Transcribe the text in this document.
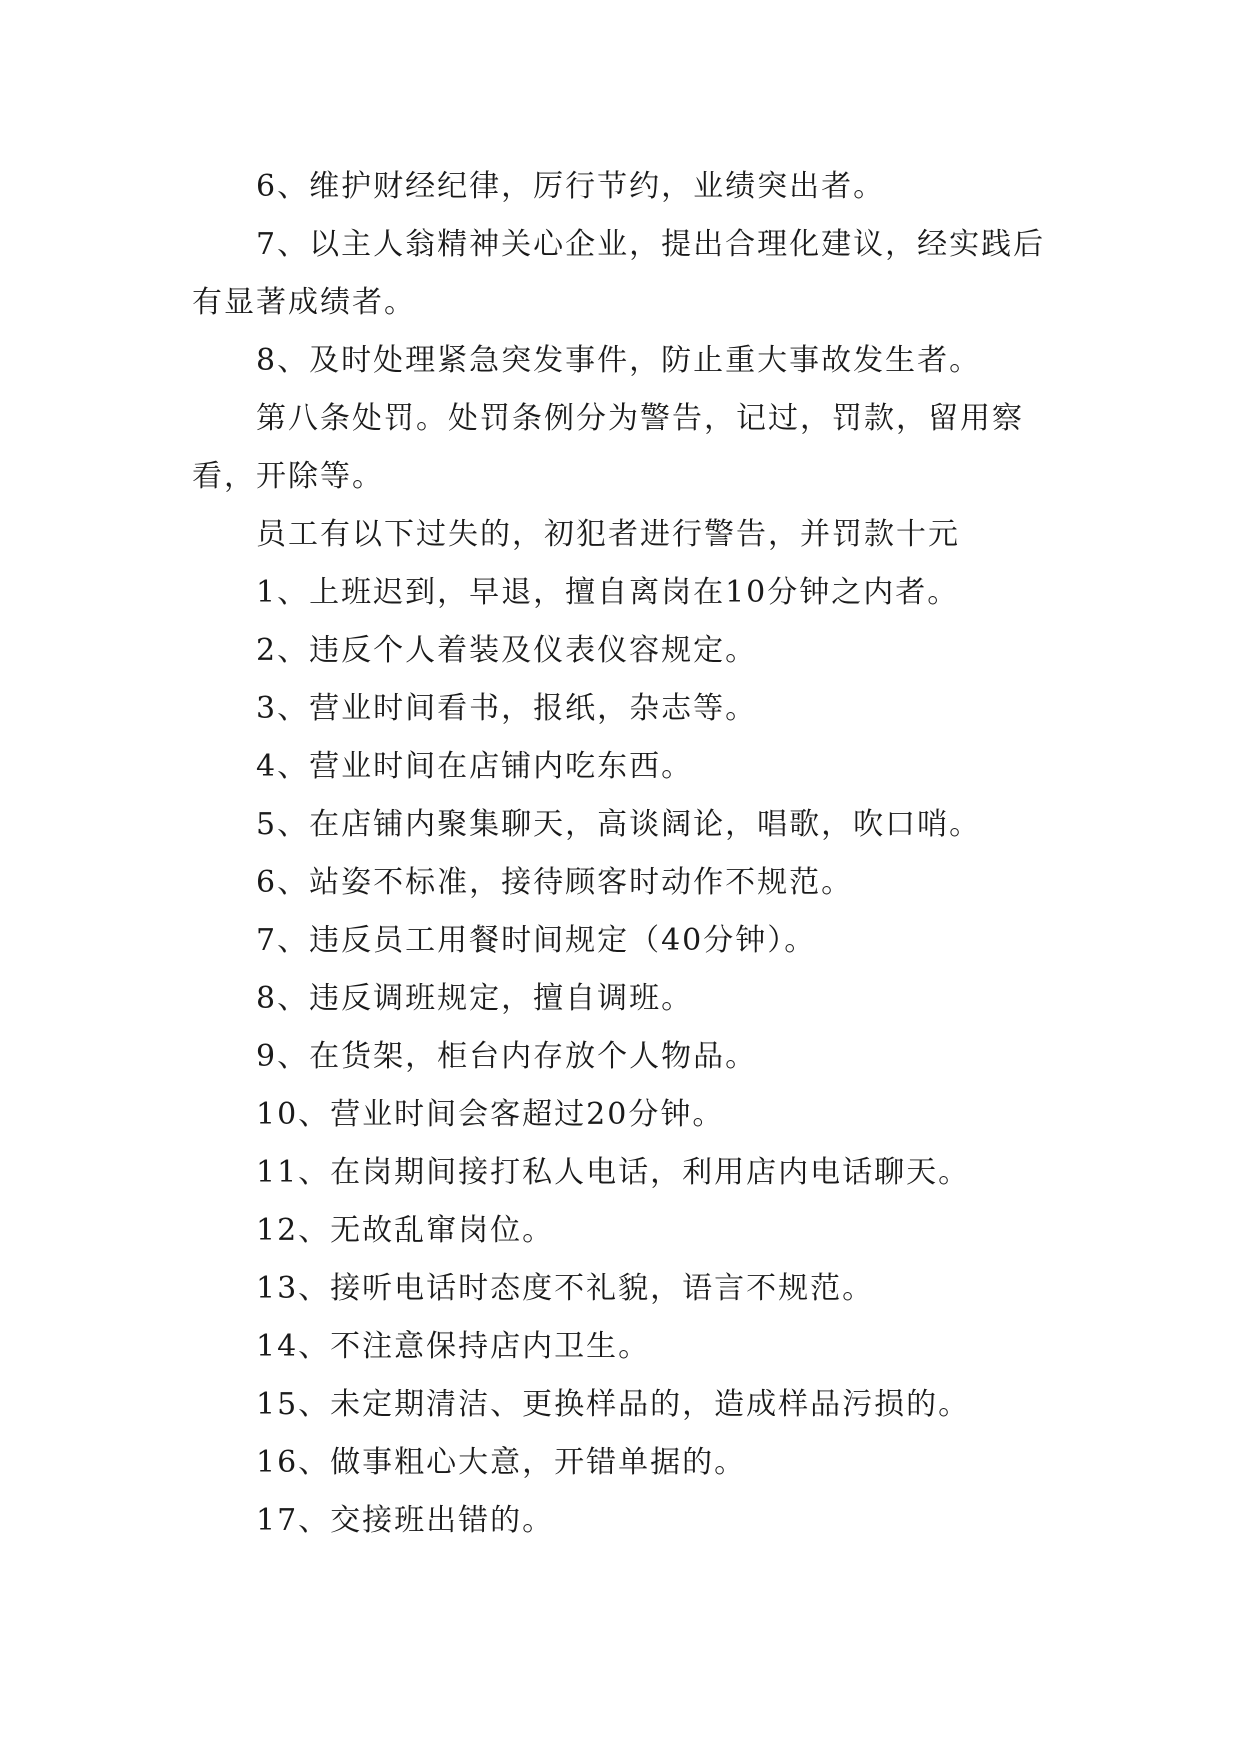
6、维护财经纪律，厉行节约，业绩突出者。

7、以主人翁精神关心企业，提出合理化建议，经实践后有显著成绩者。

8、及时处理紧急突发事件，防止重大事故发生者。

第八条处罚。处罚条例分为警告，记过，罚款，留用察看，开除等。

员工有以下过失的，初犯者进行警告，并罚款十元

1、上班迟到，早退，擅自离岗在10分钟之内者。

2、违反个人着装及仪表仪容规定。

3、营业时间看书，报纸，杂志等。

4、营业时间在店铺内吃东西。

5、在店铺内聚集聊天，高谈阔论，唱歌，吹口哨。

6、站姿不标准，接待顾客时动作不规范。

7、违反员工用餐时间规定（40分钟）。

8、违反调班规定，擅自调班。

9、在货架，柜台内存放个人物品。

10、营业时间会客超过20分钟。

11、在岗期间接打私人电话，利用店内电话聊天。

12、无故乱窜岗位。

13、接听电话时态度不礼貌，语言不规范。

14、不注意保持店内卫生。

15、未定期清洁、更换样品的，造成样品污损的。

16、做事粗心大意，开错单据的。

17、交接班出错的。
